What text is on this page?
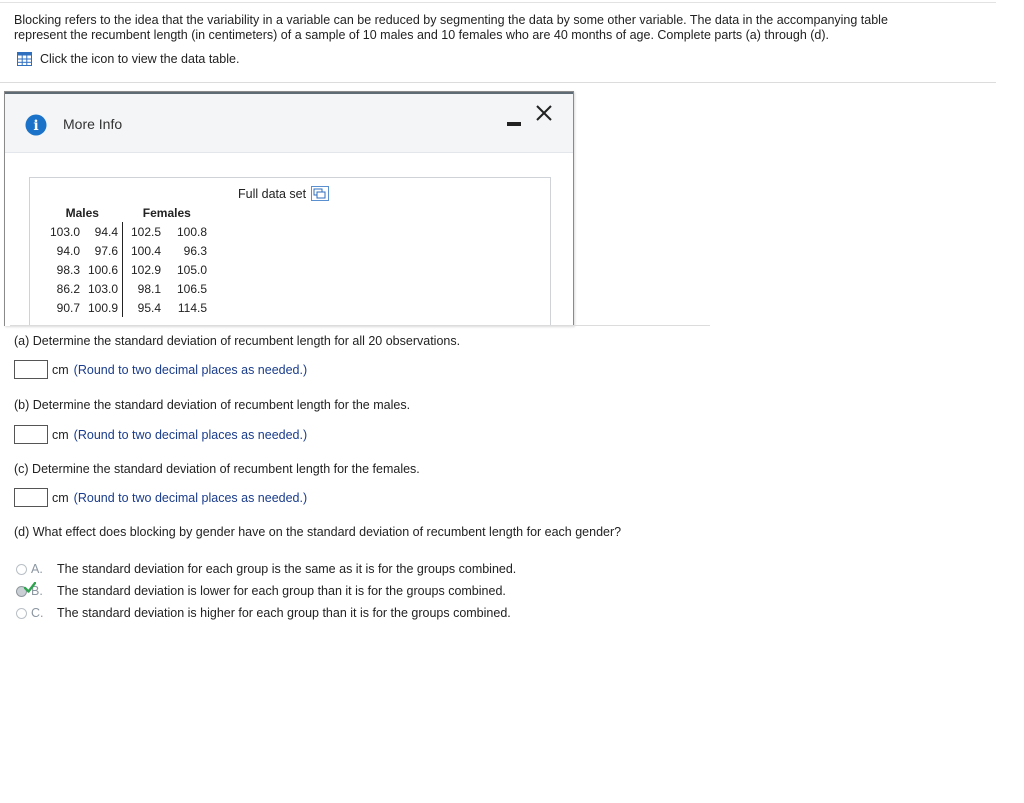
Blocking refers to the idea that the variability in a variable can be reduced by segmenting the data by some other variable. The data in the accompanying table

represent the recumbent length (in centimeters) of a sample of 10 males and 10 females who are 40 months of age. Complete parts (a) through (d).

Click the icon to view the data table.
i More Info
Full data set
Males		Females	
103.0	94.4	102.5	100.8
94.0	97.6	100.4	96.3
98.3	100.6	102.9	105.0
86.2	103.0	98.1	106.5
90.7	100.9	95.4	114.5
(a) Determine the standard deviation of recumbent length for all 20 observations.
cm (Round to two decimal places as needed.)
(b) Determine the standard deviation of recumbent length for the males.
cm (Round to two decimal places as needed.)
(c) Determine the standard deviation of recumbent length for the females.
cm (Round to two decimal places as needed.)
(d) What effect does blocking by gender have on the standard deviation of recumbent length for each gender?
A.	The standard deviation for each group is the same as it is for the groups combined.
B.	The standard deviation is lower for each group than it is for the groups combined.
C.	The standard deviation is higher for each group than it is for the groups combined.
